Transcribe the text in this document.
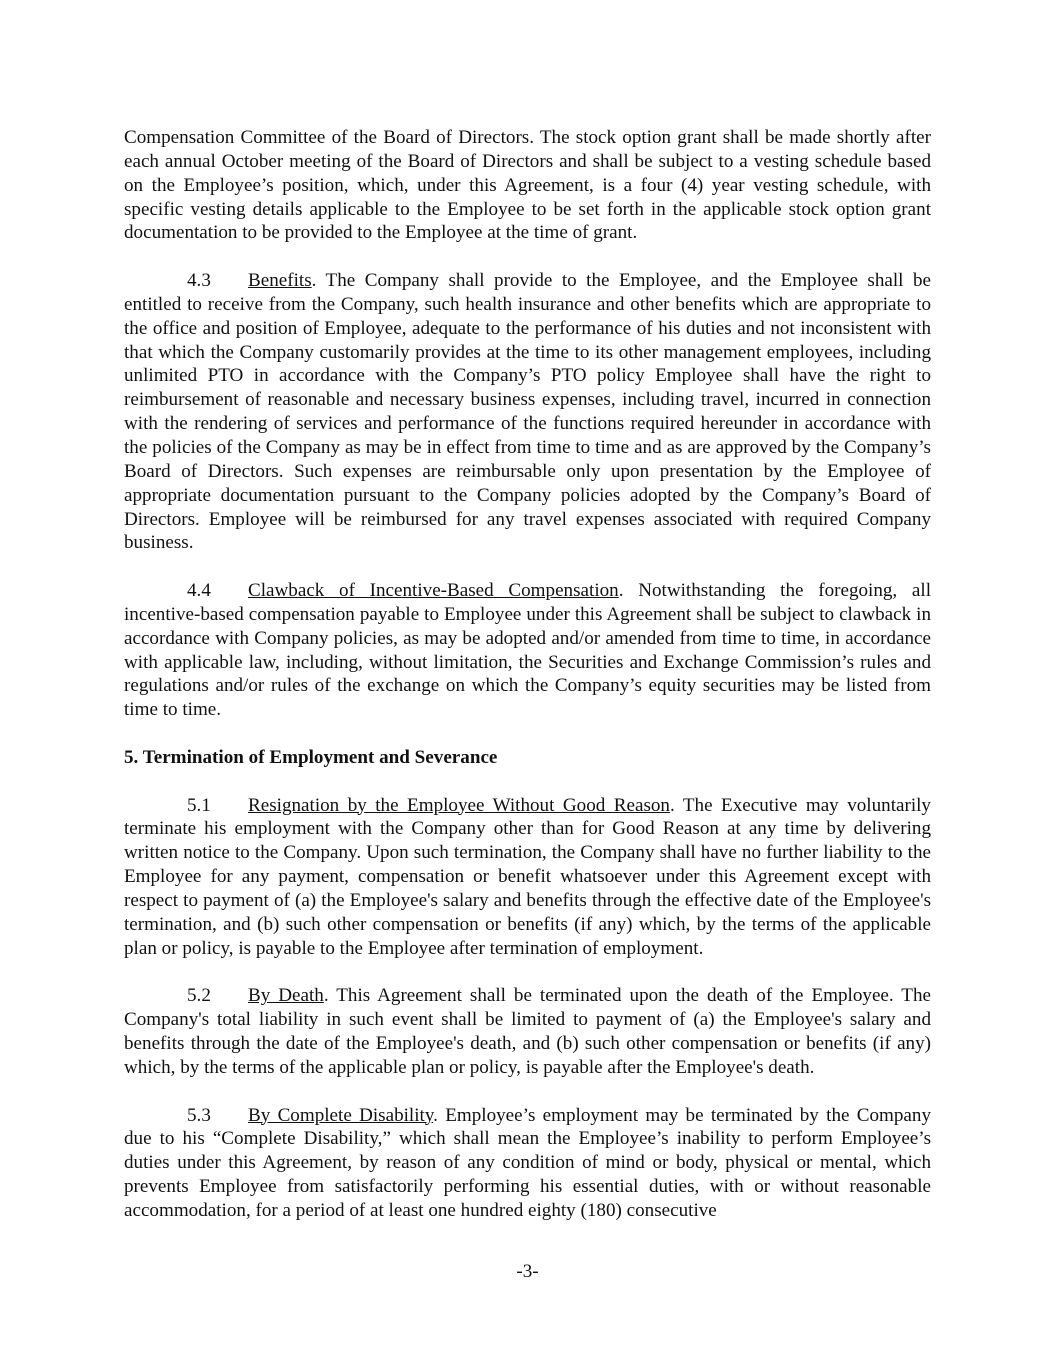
Compensation Committee of the Board of Directors. The stock option grant shall be made shortly after each annual October meeting of the Board of Directors and shall be subject to a vesting schedule based on the Employee’s position, which, under this Agreement, is a four (4) year vesting schedule, with specific vesting details applicable to the Employee to be set forth in the applicable stock option grant documentation to be provided to the Employee at the time of grant.

4.3 Benefits. The Company shall provide to the Employee, and the Employee shall be entitled to receive from the Company, such health insurance and other benefits which are appropriate to the office and position of Employee, adequate to the performance of his duties and not inconsistent with that which the Company customarily provides at the time to its other management employees, including unlimited PTO in accordance with the Company’s PTO policy Employee shall have the right to reimbursement of reasonable and necessary business expenses, including travel, incurred in connection with the rendering of services and performance of the functions required hereunder in accordance with the policies of the Company as may be in effect from time to time and as are approved by the Company’s Board of Directors. Such expenses are reimbursable only upon presentation by the Employee of appropriate documentation pursuant to the Company policies adopted by the Company’s Board of Directors. Employee will be reimbursed for any travel expenses associated with required Company business.

4.4 Clawback of Incentive-Based Compensation. Notwithstanding the foregoing, all incentive-based compensation payable to Employee under this Agreement shall be subject to clawback in accordance with Company policies, as may be adopted and/or amended from time to time, in accordance with applicable law, including, without limitation, the Securities and Exchange Commission’s rules and regulations and/or rules of the exchange on which the Company’s equity securities may be listed from time to time.

5. Termination of Employment and Severance

5.1 Resignation by the Employee Without Good Reason. The Executive may voluntarily terminate his employment with the Company other than for Good Reason at any time by delivering written notice to the Company. Upon such termination, the Company shall have no further liability to the Employee for any payment, compensation or benefit whatsoever under this Agreement except with respect to payment of (a) the Employee's salary and benefits through the effective date of the Employee's termination, and (b) such other compensation or benefits (if any) which, by the terms of the applicable plan or policy, is payable to the Employee after termination of employment.

5.2 By Death. This Agreement shall be terminated upon the death of the Employee. The Company's total liability in such event shall be limited to payment of (a) the Employee's salary and benefits through the date of the Employee's death, and (b) such other compensation or benefits (if any) which, by the terms of the applicable plan or policy, is payable after the Employee's death.

5.3 By Complete Disability. Employee’s employment may be terminated by the Company due to his “Complete Disability,” which shall mean the Employee’s inability to perform Employee’s duties under this Agreement, by reason of any condition of mind or body, physical or mental, which prevents Employee from satisfactorily performing his essential duties, with or without reasonable accommodation, for a period of at least one hundred eighty (180) consecutive

-3-
